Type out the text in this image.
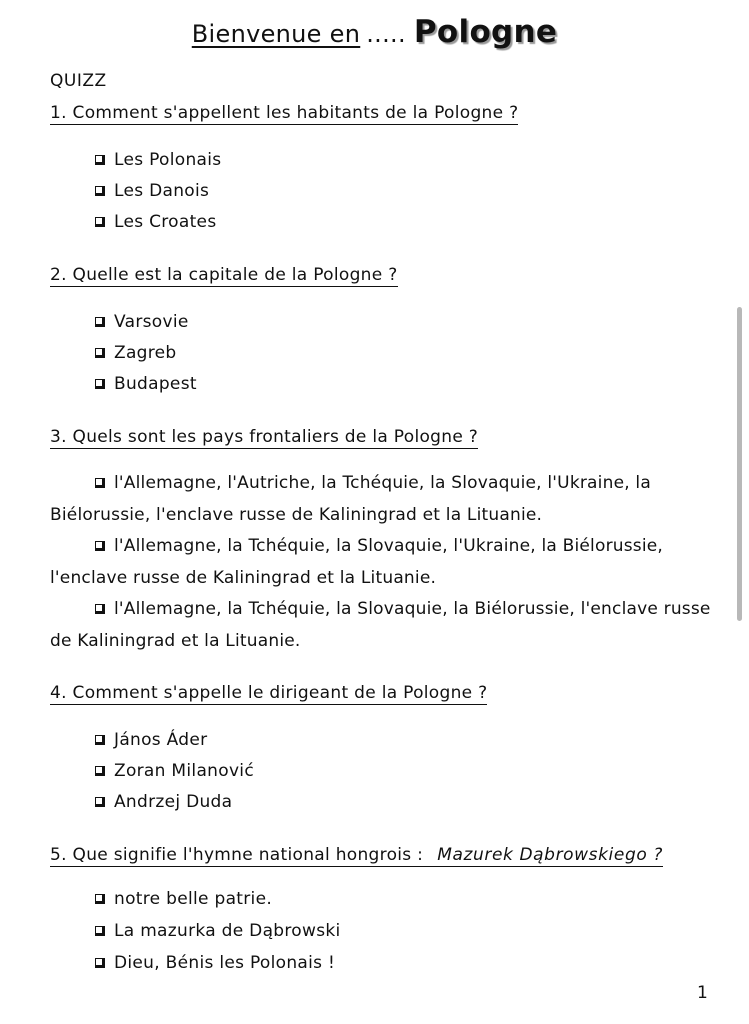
Bienvenue en ..... Pologne
QUIZZ
1. Comment s'appellent les habitants de la Pologne ?
Les Polonais
Les Danois
Les Croates
2. Quelle est la capitale de la Pologne ?
Varsovie
Zagreb
Budapest
3. Quels sont les pays frontaliers de la Pologne ?
l'Allemagne, l'Autriche, la Tchéquie, la Slovaquie, l'Ukraine, la Biélorussie, l'enclave russe de Kaliningrad et la Lituanie.
l'Allemagne, la Tchéquie, la Slovaquie, l'Ukraine, la Biélorussie, l'enclave russe de Kaliningrad et la Lituanie.
l'Allemagne, la Tchéquie, la Slovaquie, la Biélorussie, l'enclave russe de Kaliningrad et la Lituanie.
4. Comment s'appelle le dirigeant de la Pologne ?
János Áder
Zoran Milanović
Andrzej Duda
5. Que signifie l'hymne national hongrois : Mazurek Dąbrowskiego ?
notre belle patrie.
La mazurka de Dąbrowski
Dieu, Bénis les Polonais !
1
